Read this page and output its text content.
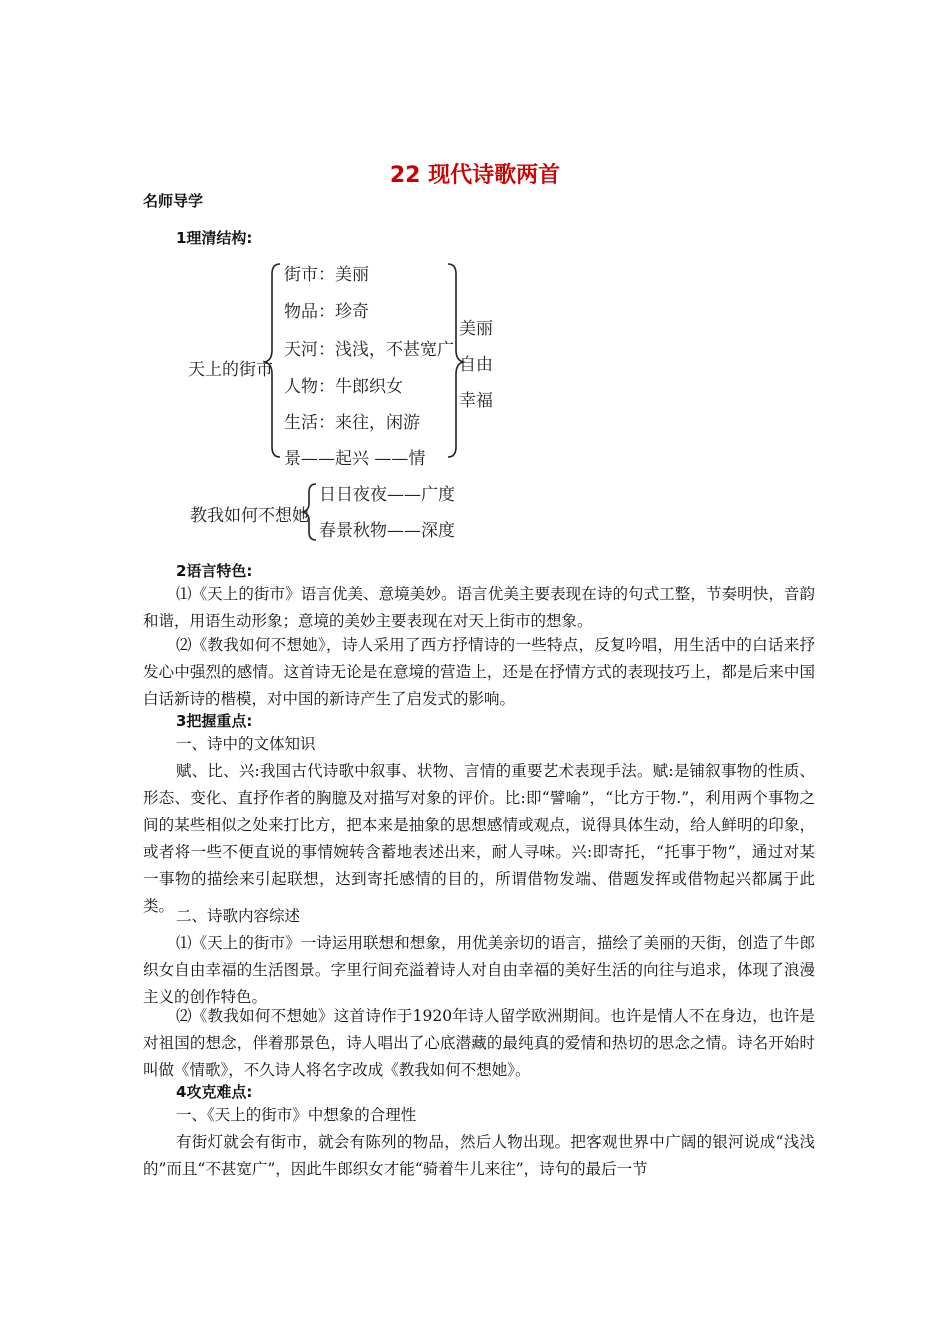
22 现代诗歌两首
名师导学
1理清结构:
天上的街市
街市：美丽
物品：珍奇
天河：浅浅，不甚宽广
人物：牛郎织女
生活：来往，闲游
景——起兴 ——情
美丽
自由
幸福
教我如何不想她
日日夜夜——广度
春景秋物——深度
2语言特色:

⑴《天上的街市》语言优美、意境美妙。语言优美主要表现在诗的句式工整，节奏明快，音韵和谐，用语生动形象；意境的美妙主要表现在对天上街市的想象。

⑵《教我如何不想她》，诗人采用了西方抒情诗的一些特点，反复吟唱，用生活中的白话来抒发心中强烈的感情。这首诗无论是在意境的营造上，还是在抒情方式的表现技巧上，都是后来中国白话新诗的楷模，对中国的新诗产生了启发式的影响。

3把握重点:

一、诗中的文体知识

赋、比、兴:我国古代诗歌中叙事、状物、言情的重要艺术表现手法。赋:是铺叙事物的性质、形态、变化、直抒作者的胸臆及对描写对象的评价。比:即“譬喻”，“比方于物.”，利用两个事物之间的某些相似之处来打比方，把本来是抽象的思想感情或观点，说得具体生动，给人鲜明的印象，或者将一些不便直说的事情婉转含蓄地表述出来，耐人寻味。兴:即寄托，“托事于物”，通过对某一事物的描绘来引起联想，达到寄托感情的目的，所谓借物发端、借题发挥或借物起兴都属于此类。

二、诗歌内容综述

⑴《天上的街市》一诗运用联想和想象，用优美亲切的语言，描绘了美丽的天街，创造了牛郎织女自由幸福的生活图景。字里行间充溢着诗人对自由幸福的美好生活的向往与追求，体现了浪漫主义的创作特色。

⑵《教我如何不想她》这首诗作于1920年诗人留学欧洲期间。也许是情人不在身边，也许是对祖国的想念，伴着那景色，诗人唱出了心底潜藏的最纯真的爱情和热切的思念之情。诗名开始时叫做《情歌》，不久诗人将名字改成《教我如何不想她》。

4攻克难点:

一、《天上的街市》中想象的合理性

有街灯就会有街市，就会有陈列的物品，然后人物出现。把客观世界中广阔的银河说成“浅浅的”而且“不甚宽广”，因此牛郎织女才能“骑着牛儿来往”，诗句的最后一节
